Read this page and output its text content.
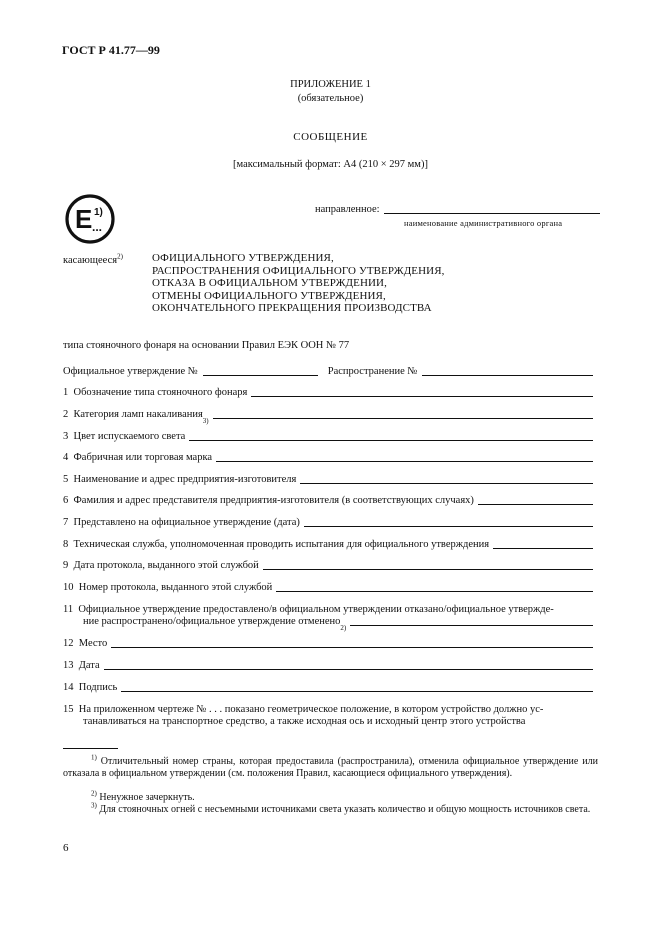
ГОСТ Р 41.77—99
ПРИЛОЖЕНИЕ 1
(обязательное)
СООБЩЕНИЕ
[максимальный формат: А4 (210 × 297 мм)]
E 1)
...
направленное:
наименование административного органа
касающееся$^{2)}$	ОФИЦИАЛЬНОГО УТВЕРЖДЕНИЯ,
РАСПРОСТРАНЕНИЯ ОФИЦИАЛЬНОГО УТВЕРЖДЕНИЯ,
ОТКАЗА В ОФИЦИАЛЬНОМ УТВЕРЖДЕНИИ,
ОТМЕНЫ ОФИЦИАЛЬНОГО УТВЕРЖДЕНИЯ,
ОКОНЧАТЕЛЬНОГО ПРЕКРАЩЕНИЯ ПРОИЗВОДСТВА
типа стояночного фонаря на основании Правил ЕЭК ООН № 77
Официальное утверждение №	Распространение №
1
Обозначение типа стояночного фонаря
2
Категория ламп накаливания
3)
3
Цвет испускаемого света
4
Фабричная или торговая марка
5
Наименование и адрес предприятия-изготовителя
6
Фамилия и адрес представителя предприятия-изготовителя (в соответствующих случаях)
7
Представлено на официальное утверждение (дата)
8
Техническая служба, уполномоченная проводить испытания для официального утверждения
9
Дата протокола, выданного этой службой
10
Номер протокола, выданного этой службой
11 Официальное утверждение предоставлено/в официальном утверждении отказано/официальное утвержде-
ние распространено/официальное утверждение отменено
2)
12
Место
13
Дата
14
Подпись
15 На приложенном чертеже № . . . показано геометрическое положение, в котором устройство должно ус-
танавливаться на транспортное средство, а также исходная ось и исходный центр этого устройства
$^{1)}$ Отличительный номер страны, которая предоставила (распространила), отменила официальное утверждение или отказала в официальном утверждении (см. положения Правил, касающиеся официального утверждения).
$^{2)}$ Ненужное зачеркнуть.
$^{3)}$ Для стояночных огней с несъемными источниками света указать количество и общую мощность источников света.
6
